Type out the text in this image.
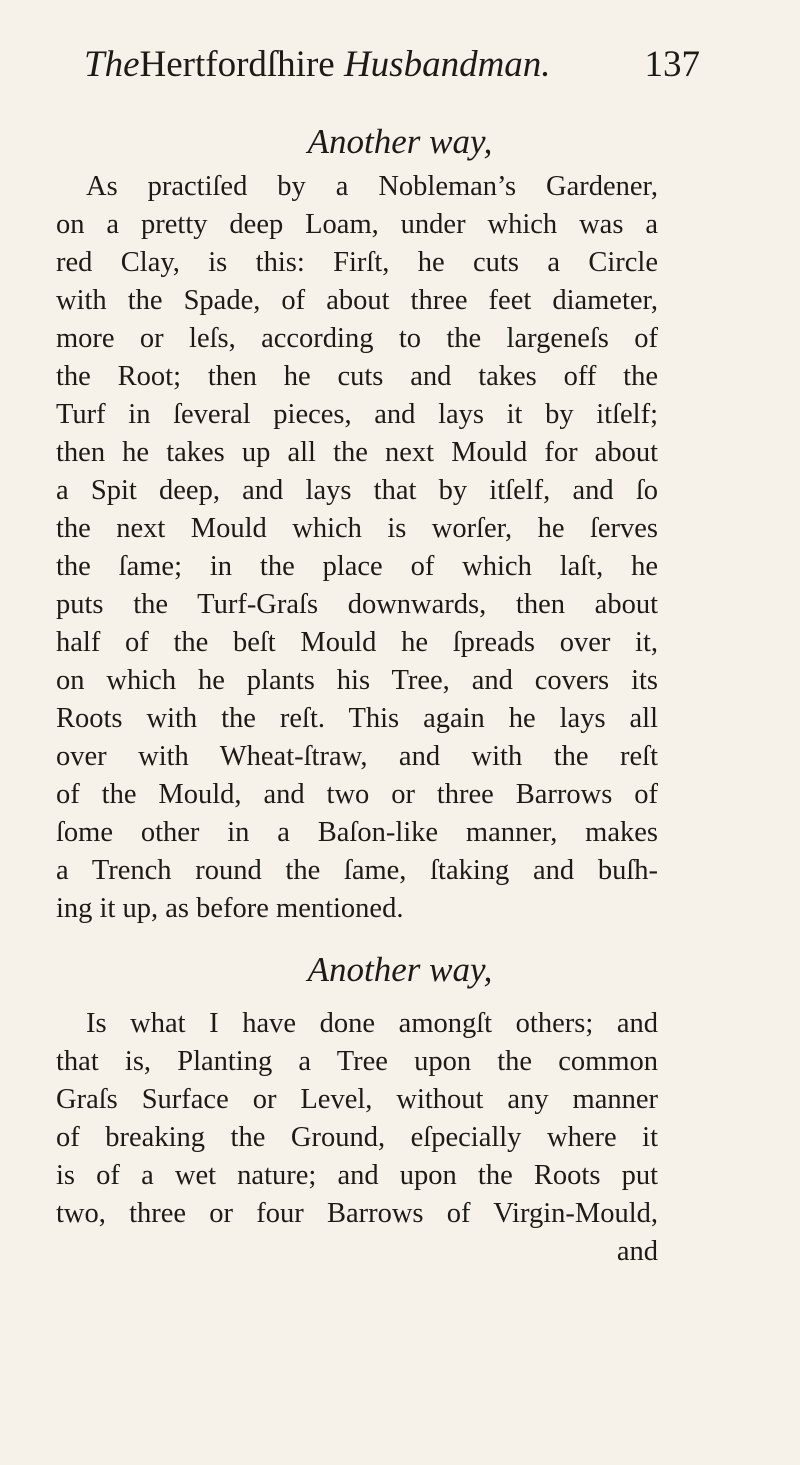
TheHertfordſhire Husbandman.	137
Another way,
As practiſed by a Nobleman’s Gardener,
on a pretty deep Loam, under which was a
red Clay, is this: Firſt, he cuts a Circle
with the Spade, of about three feet diameter,
more or leſs, according to the largeneſs of
the Root; then he cuts and takes off the
Turf in ſeveral pieces, and lays it by itſelf;
then he takes up all the next Mould for about
a Spit deep, and lays that by itſelf, and ſo
the next Mould which is worſer, he ſerves
the ſame; in the place of which laſt, he
puts the Turf-Graſs downwards, then about
half of the beſt Mould he ſpreads over it,
on which he plants his Tree, and covers its
Roots with the reſt. This again he lays all
over with Wheat-ſtraw, and with the reſt
of the Mould, and two or three Barrows of
ſome other in a Baſon-like manner, makes
a Trench round the ſame, ſtaking and buſh-
ing it up, as before mentioned.
Another way,
Is what I have done amongſt others; and
that is, Planting a Tree upon the common
Graſs Surface or Level, without any manner
of breaking the Ground, eſpecially where it
is of a wet nature; and upon the Roots put
two, three or four Barrows of Virgin-Mould,
and
